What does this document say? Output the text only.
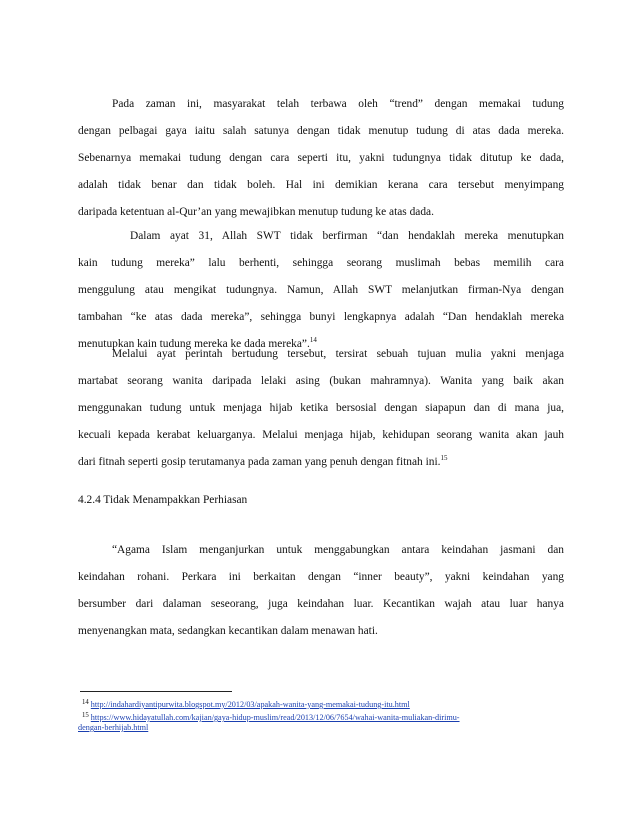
Pada zaman ini, masyarakat telah terbawa oleh “trend” dengan memakai tudung
dengan pelbagai gaya iaitu salah satunya dengan tidak menutup tudung di atas dada mereka.
Sebenarnya memakai tudung dengan cara seperti itu, yakni tudungnya tidak ditutup ke dada,
adalah tidak benar dan tidak boleh. Hal ini demikian kerana cara tersebut menyimpang
daripada ketentuan al-Qur’an yang mewajibkan menutup tudung ke atas dada.
Dalam ayat 31, Allah SWT tidak berfirman “dan hendaklah mereka menutupkan
kain tudung mereka” lalu berhenti, sehingga seorang muslimah bebas memilih cara
menggulung atau mengikat tudungnya. Namun, Allah SWT melanjutkan firman-Nya dengan
tambahan “ke atas dada mereka”, sehingga bunyi lengkapnya adalah “Dan hendaklah mereka
menutupkan kain tudung mereka ke dada mereka”.$^{14}$
Melalui ayat perintah bertudung tersebut, tersirat sebuah tujuan mulia yakni menjaga
martabat seorang wanita daripada lelaki asing (bukan mahramnya). Wanita yang baik akan
menggunakan tudung untuk menjaga hijab ketika bersosial dengan siapapun dan di mana jua,
kecuali kepada kerabat keluarganya. Melalui menjaga hijab, kehidupan seorang wanita akan jauh
dari fitnah seperti gosip terutamanya pada zaman yang penuh dengan fitnah ini.$^{15}$
4.2.4 Tidak Menampakkan Perhiasan
“Agama Islam menganjurkan untuk menggabungkan antara keindahan jasmani dan
keindahan rohani. Perkara ini berkaitan dengan “inner beauty”, yakni keindahan yang
bersumber dari dalaman seseorang, juga keindahan luar. Kecantikan wajah atau luar hanya
menyenangkan mata, sedangkan kecantikan dalam menawan hati.
$^{14}$ http://indahardiyantipurwita.blogspot.my/2012/03/apakah-wanita-yang-memakai-tudung-itu.html
$^{15}$ https://www.hidayatullah.com/kajian/gaya-hidup-muslim/read/2013/12/06/7654/wahai-wanita-muliakan-dirimu-
dengan-berhijab.html
